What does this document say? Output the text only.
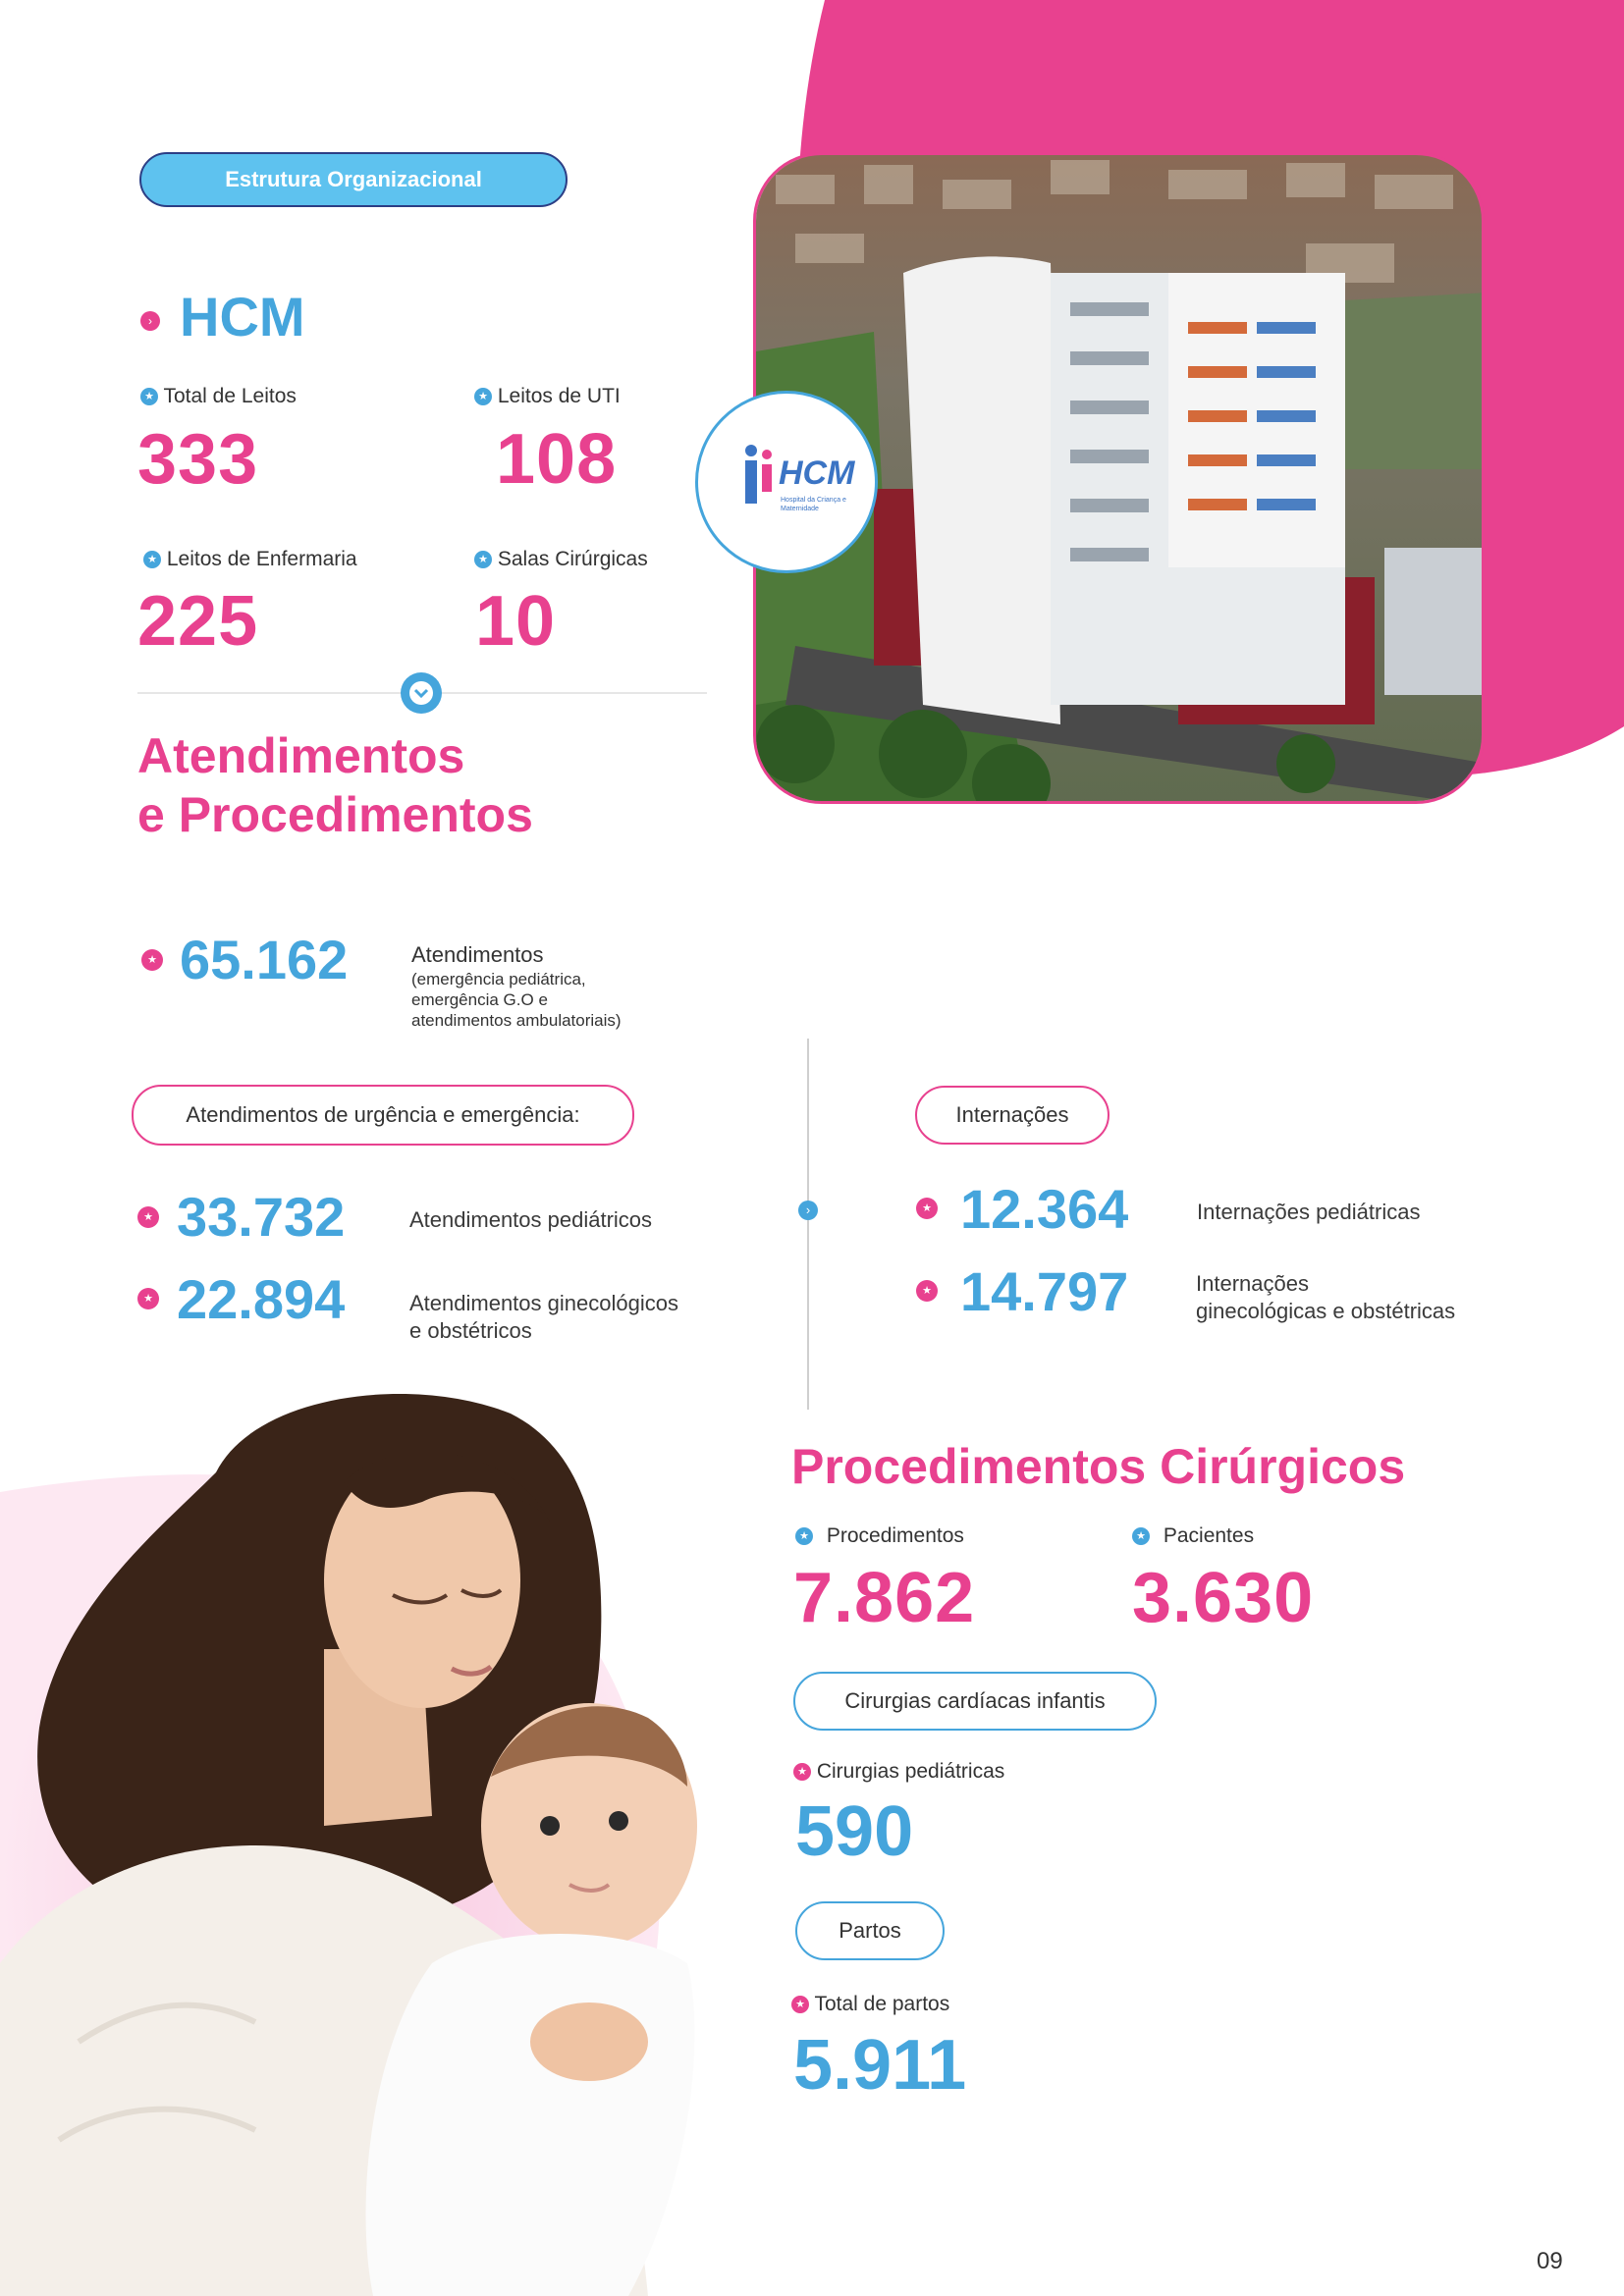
Estrutura Organizacional
› HCM
★ Total de Leitos
333
★ Leitos de UTI
108
★ Leitos de Enfermaria
225
★ Salas Cirúrgicas
10
Atendimentos
e Procedimentos
HCM
Hospital da Criança e Maternidade
★ 65.162	Atendimentos
(emergência pediátrica,
emergência G.O e
atendimentos ambulatoriais)
›
Atendimentos de urgência e emergência:
★ 33.732	Atendimentos pediátricos
★ 22.894	Atendimentos ginecológicos
e obstétricos
Internações
★ 12.364	Internações pediátricas
★ 14.797	Internações
ginecológicas e obstétricas
Procedimentos Cirúrgicos
★ Procedimentos
7.862
★ Pacientes
3.630
Cirurgias cardíacas infantis
★ Cirurgias pediátricas
590
Partos
★ Total de partos
5.911
09
